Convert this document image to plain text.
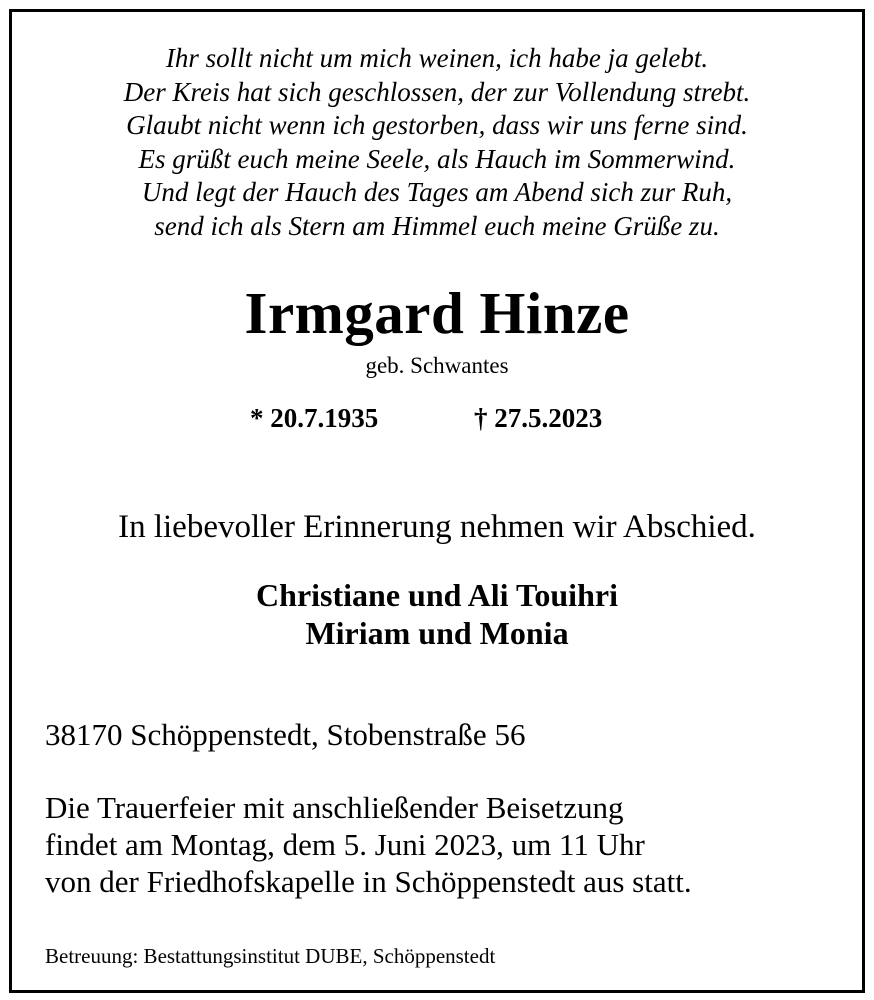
Ihr sollt nicht um mich weinen, ich habe ja gelebt.
Der Kreis hat sich geschlossen, der zur Vollendung strebt.
Glaubt nicht wenn ich gestorben, dass wir uns ferne sind.
Es grüßt euch meine Seele, als Hauch im Sommerwind.
Und legt der Hauch des Tages am Abend sich zur Ruh,
send ich als Stern am Himmel euch meine Grüße zu.
Irmgard Hinze
geb. Schwantes
* 20.7.1935	† 27.5.2023
In liebevoller Erinnerung nehmen wir Abschied.
Christiane und Ali Touihri
Miriam und Monia
38170 Schöppenstedt, Stobenstraße 56
Die Trauerfeier mit anschließender Beisetzung
findet am Montag, dem 5. Juni 2023, um 11 Uhr
von der Friedhofskapelle in Schöppenstedt aus statt.
Betreuung: Bestattungsinstitut DUBE, Schöppenstedt
